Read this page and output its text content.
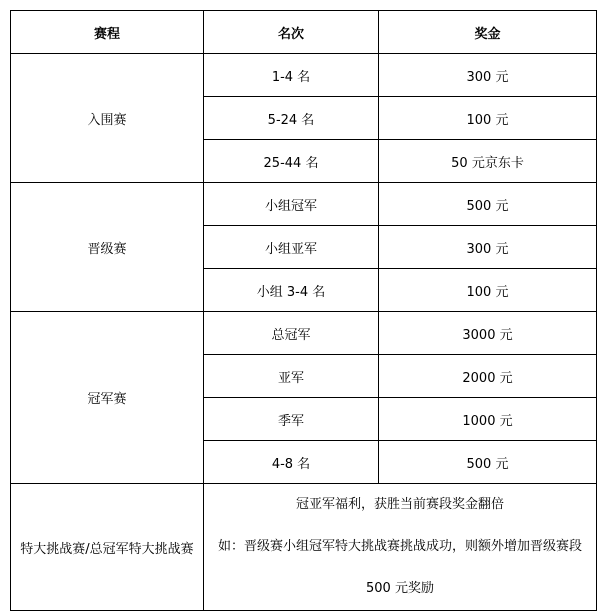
赛程	名次	奖金
入围赛	1-4 名	300 元
	5-24 名	100 元
	25-44 名	50 元京东卡
晋级赛	小组冠军	500 元
	小组亚军	300 元
	小组 3-4 名	100 元
冠军赛	总冠军	3000 元
	亚军	2000 元
	季军	1000 元
	4-8 名	500 元
特大挑战赛/总冠军特大挑战赛	冠亚军福利，获胜当前赛段奖金翻倍
如：晋级赛小组冠军特大挑战赛挑战成功，则额外增加晋级赛段
500 元奖励	
